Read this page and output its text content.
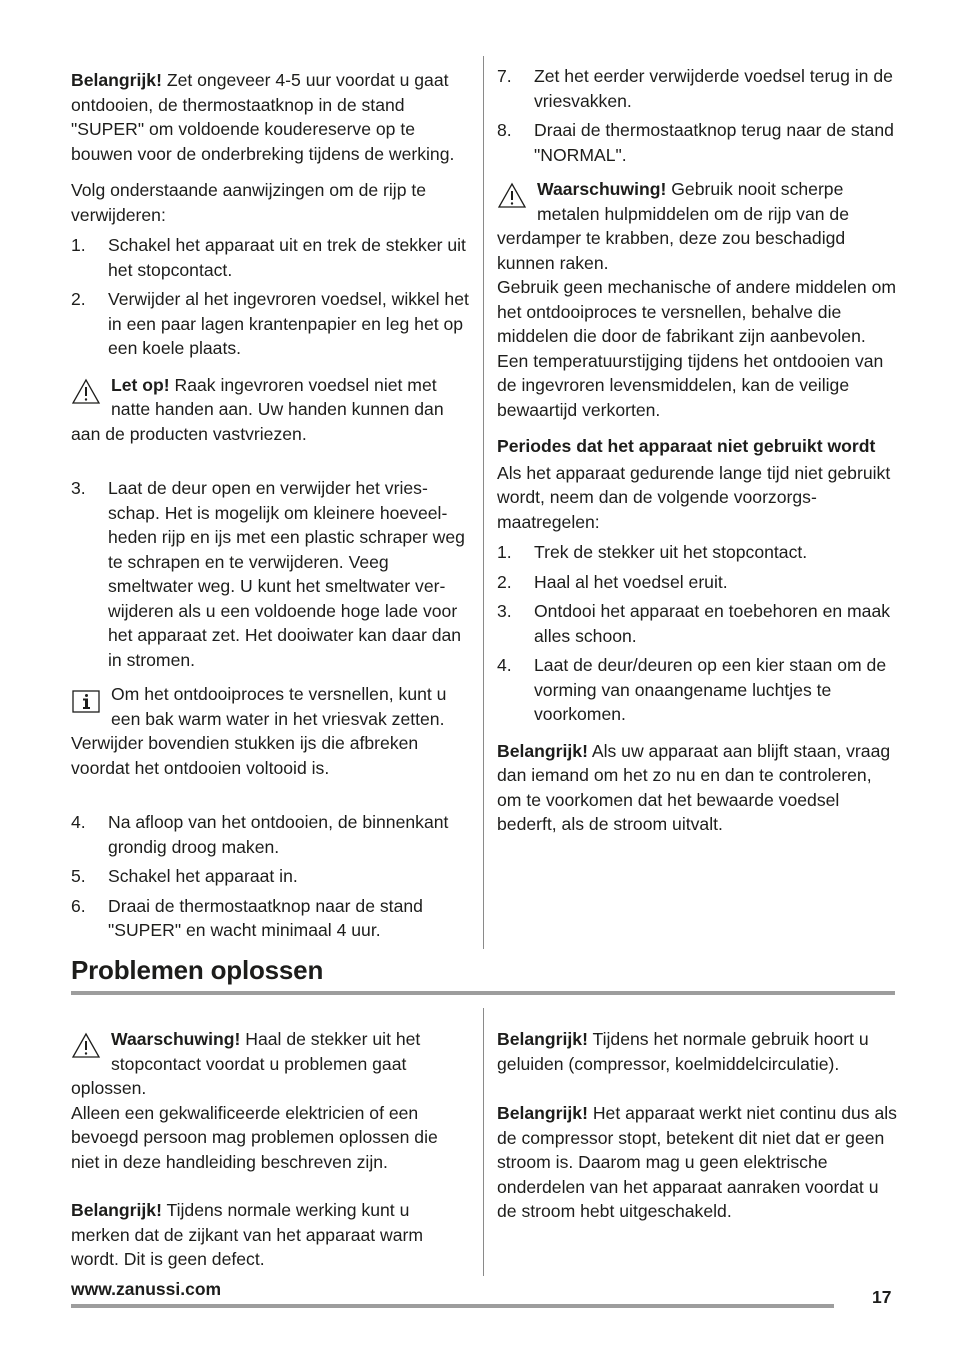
Belangrijk! Zet ongeveer 4-5 uur voordat u gaat ontdooien, de thermostaatknop in de stand "SUPER" om voldoende koudereserve op te bouwen voor de onderbreking tijdens de werking.

Volg onderstaande aanwijzingen om de rijp te verwijderen:

1. Schakel het apparaat uit en trek de stekker uit het stopcontact.
2. Verwijder al het ingevroren voedsel, wikkel het in een paar lagen krantenpapier en leg het op een koele plaats.

Let op! Raak ingevroren voedsel niet met natte handen aan. Uw handen kunnen dan aan de producten vastvriezen.

3. Laat de deur open en verwijder het vriesschap. Het is mogelijk om kleinere hoeveelheden rijp en ijs met een plastic schraper weg te schrapen en te verwijderen. Veeg smeltwater weg. U kunt het smeltwater verwijderen als u een voldoende hoge lade voor het apparaat zet. Het dooiwater kan daar dan in stromen.

Om het ontdooiproces te versnellen, kunt u een bak warm water in het vriesvak zetten. Verwijder bovendien stukken ijs die afbreken voordat het ontdooien voltooid is.

4. Na afloop van het ontdooien, de binnenkant grondig droog maken.
5. Schakel het apparaat in.
6. Draai de thermostaatknop naar de stand "SUPER" en wacht minimaal 4 uur.
7. Zet het eerder verwijderde voedsel terug in de vriesvakken.
8. Draai de thermostaatknop terug naar de stand "NORMAL".

Waarschuwing! Gebruik nooit scherpe metalen hulpmiddelen om de rijp van de verdamper te krabben, deze zou beschadigd kunnen raken.

Gebruik geen mechanische of andere middelen om het ontdooiproces te versnellen, behalve die middelen die door de fabrikant zijn aanbevolen. Een temperatuurstijging tijdens het ontdooien van de ingevroren levensmiddelen, kan de veilige bewaartijd verkorten.

Periodes dat het apparaat niet gebruikt wordt

Als het apparaat gedurende lange tijd niet gebruikt wordt, neem dan de volgende voorzorgsmaatregelen:

1. Trek de stekker uit het stopcontact.
2. Haal al het voedsel eruit.
3. Ontdooi het apparaat en toebehoren en maak alles schoon.
4. Laat de deur/deuren op een kier staan om de vorming van onaangename luchtjes te voorkomen.

Belangrijk! Als uw apparaat aan blijft staan, vraag dan iemand om het zo nu en dan te controleren, om te voorkomen dat het bewaarde voedsel bederft, als de stroom uitvalt.

Problemen oplossen

Waarschuwing! Haal de stekker uit het stopcontact voordat u problemen gaat oplossen.

Alleen een gekwalificeerde elektricien of een bevoegd persoon mag problemen oplossen die niet in deze handleiding beschreven zijn.

Belangrijk! Tijdens normale werking kunt u merken dat de zijkant van het apparaat warm wordt. Dit is geen defect.

Belangrijk! Tijdens het normale gebruik hoort u geluiden (compressor, koelmiddelcirculatie).

Belangrijk! Het apparaat werkt niet continu dus als de compressor stopt, betekent dit niet dat er geen stroom is. Daarom mag u geen elektrische onderdelen van het apparaat aanraken voordat u de stroom hebt uitgeschakeld.

www.zanussi.com	17
